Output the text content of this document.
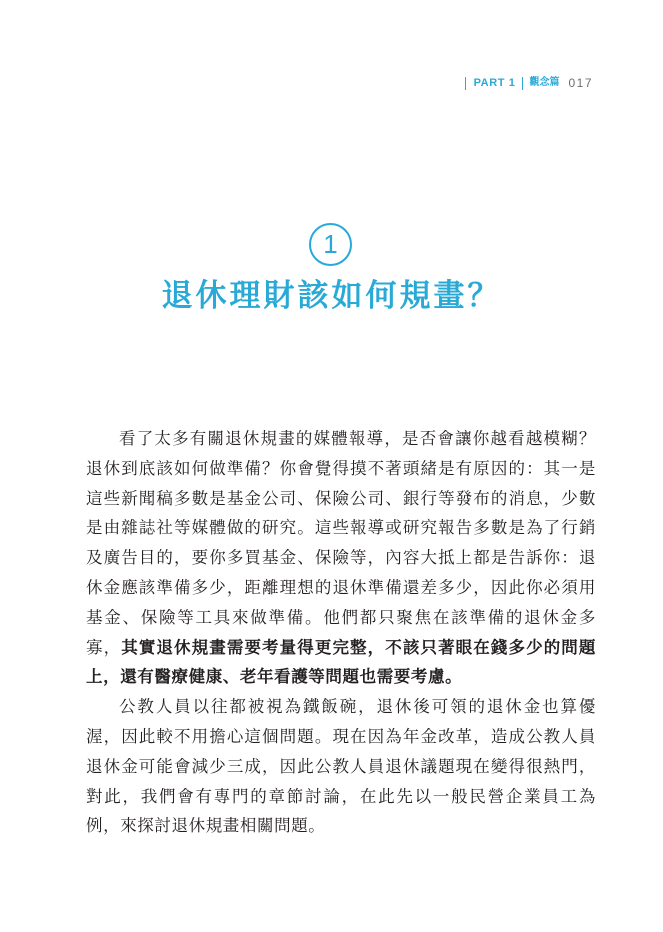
PART 1 觀念篇 017
1
退休理財該如何規畫？

看了太多有關退休規畫的媒體報導，是否會讓你越看越模糊？退休到底該如何做準備？你會覺得摸不著頭緒是有原因的：其一是這些新聞稿多數是基金公司、保險公司、銀行等發布的消息，少數是由雜誌社等媒體做的研究。這些報導或研究報告多數是為了行銷及廣告目的，要你多買基金、保險等，內容大抵上都是告訴你：退休金應該準備多少，距離理想的退休準備還差多少，因此你必須用基金、保險等工具來做準備。他們都只聚焦在該準備的退休金多寡，其實退休規畫需要考量得更完整，不該只著眼在錢多少的問題上，還有醫療健康、老年看護等問題也需要考慮。

公教人員以往都被視為鐵飯碗，退休後可領的退休金也算優渥，因此較不用擔心這個問題。現在因為年金改革，造成公教人員退休金可能會減少三成，因此公教人員退休議題現在變得很熱門，對此，我們會有專門的章節討論，在此先以一般民營企業員工為例，來探討退休規畫相關問題。
